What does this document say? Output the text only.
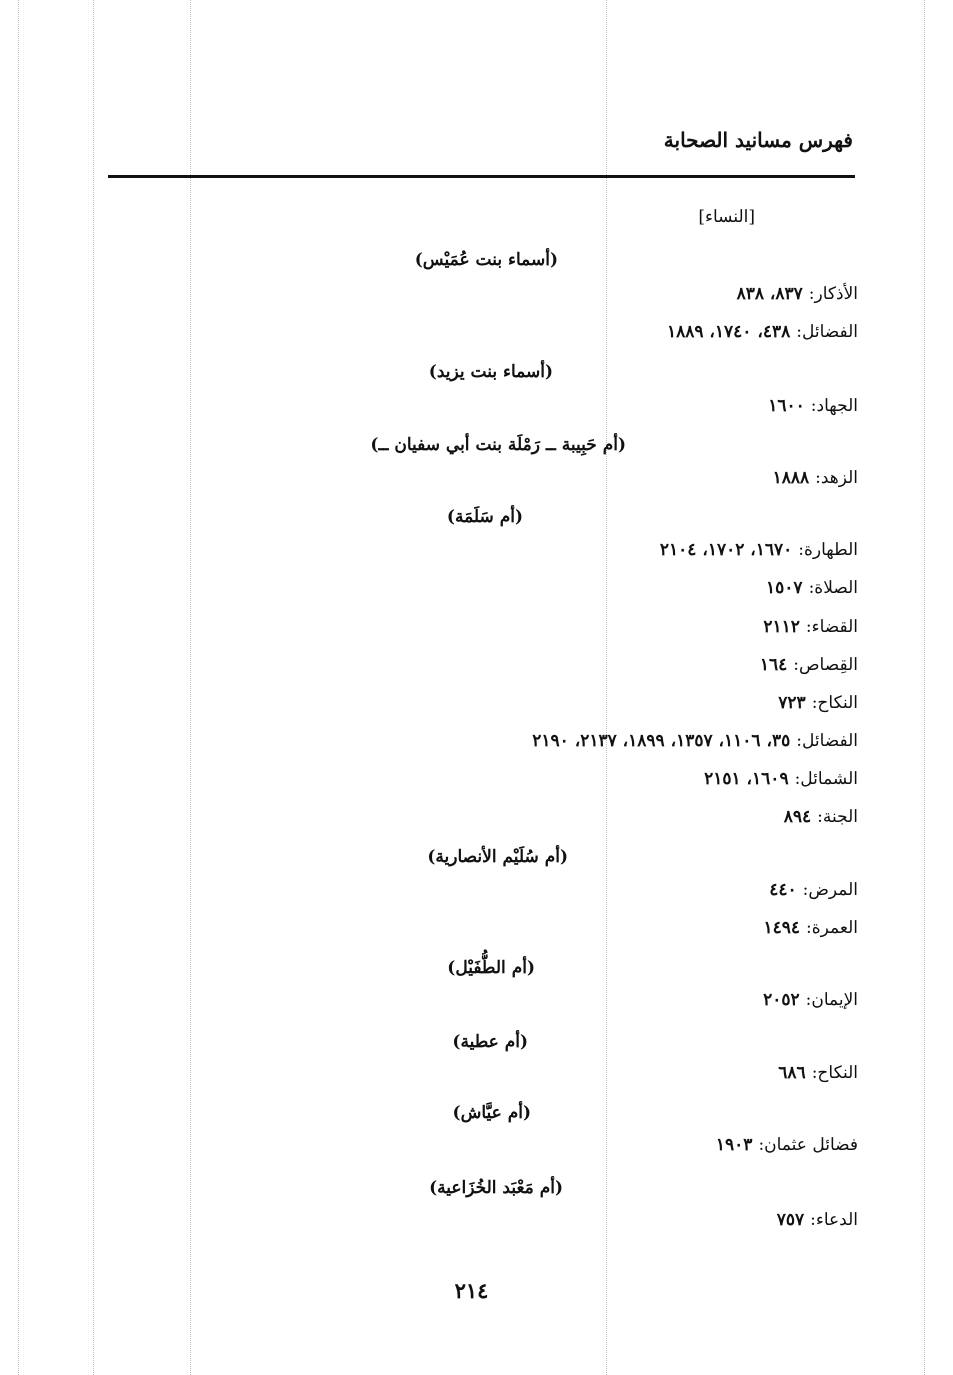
فهرس مسانيد الصحابة
[النساء]
(أسماء بنت عُمَيْس)
الأذكار:٨٣٧، ٨٣٨
الفضائل:٤٣٨، ١٧٤٠، ١٨٨٩
(أسماء بنت يزيد)
الجهاد:١٦٠٠
(أم حَبِيبة ــ رَمْلَة بنت أبي سفيان ــ)
الزهد:١٨٨٨
(أم سَلَمَة)
الطهارة:١٦٧٠، ١٧٠٢، ٢١٠٤
الصلاة:١٥٠٧
القضاء:٢١١٢
القِصاص:١٦٤
النكاح:٧٢٣
الفضائل:٣٥، ١١٠٦، ١٣٥٧، ١٨٩٩، ٢١٣٧، ٢١٩٠
الشمائل:١٦٠٩، ٢١٥١
الجنة:٨٩٤
(أم سُلَيْم الأنصارية)
المرض:٤٤٠
العمرة:١٤٩٤
(أم الطُّفَيْل)
الإيمان:٢٠٥٢
(أم عطية)
النكاح:٦٨٦
(أم عيَّاش)
فضائل عثمان:١٩٠٣
(أم مَعْبَد الخُزَاعية)
الدعاء:٧٥٧
٢١٤
